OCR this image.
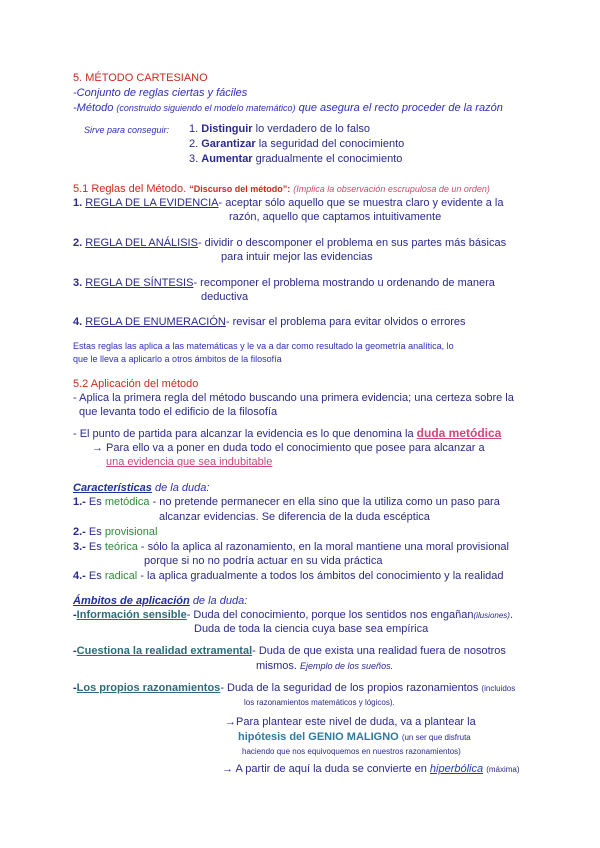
5. MÉTODO CARTESIANO
-Conjunto de reglas ciertas y fáciles
-Método (construido siguiendo el modelo matemático) que asegura el recto proceder de la razón
Sirve para conseguir: 1. Distinguir lo verdadero de lo falso
2. Garantizar la seguridad del conocimiento
3. Aumentar gradualmente el conocimiento
5.1 Reglas del Método. “Discurso del método”: (Implica la observación escrupulosa de un orden)
1. REGLA DE LA EVIDENCIA- aceptar sólo aquello que se muestra claro y evidente a la
razón, aquello que captamos intuitivamente
2. REGLA DEL ANÁLISIS- dividir o descomponer el problema en sus partes más básicas
para intuir mejor las evidencias
3. REGLA DE SÍNTESIS- recomponer el problema mostrando u ordenando de manera
deductiva
4. REGLA DE ENUMERACIÓN- revisar el problema para evitar olvidos o errores
Estas reglas las aplica a las matemáticas y le va a dar como resultado la geometría analítica, lo
que le lleva a aplicarlo a otros ámbitos de la filosofía
5.2 Aplicación del método
- Aplica la primera regla del método buscando una primera evidencia; una certeza sobre la
que levanta todo el edificio de la filosofía
- El punto de partida para alcanzar la evidencia es lo que denomina la duda metódica
→ Para ello va a poner en duda todo el conocimiento que posee para alcanzar a
una evidencia que sea indubitable
Características de la duda:
1.- Es metódica - no pretende permanecer en ella sino que la utiliza como un paso para
alcanzar evidencias. Se diferencia de la duda escéptica
2.- Es provisional
3.- Es teórica - sólo la aplica al razonamiento, en la moral mantiene una moral provisional
porque si no no podría actuar en su vida práctica
4.- Es radical - la aplica gradualmente a todos los ámbitos del conocimiento y la realidad
Ámbitos de aplicación de la duda:
-Información sensible- Duda del conocimiento, porque los sentidos nos engañan(ilusiones).
Duda de toda la ciencia cuya base sea empírica
-Cuestiona la realidad extramental- Duda de que exista una realidad fuera de nosotros
mismos. Ejemplo de los sueños.
-Los propios razonamientos- Duda de la seguridad de los propios razonamientos (incluidos
los razonamientos matemáticos y lógicos).
→Para plantear este nivel de duda, va a plantear la
hipótesis del GENIO MALIGNO (un ser que disfruta
haciendo que nos equivoquemos en nuestros razonamientos)
→ A partir de aquí la duda se convierte en hiperbólica (máxima)
